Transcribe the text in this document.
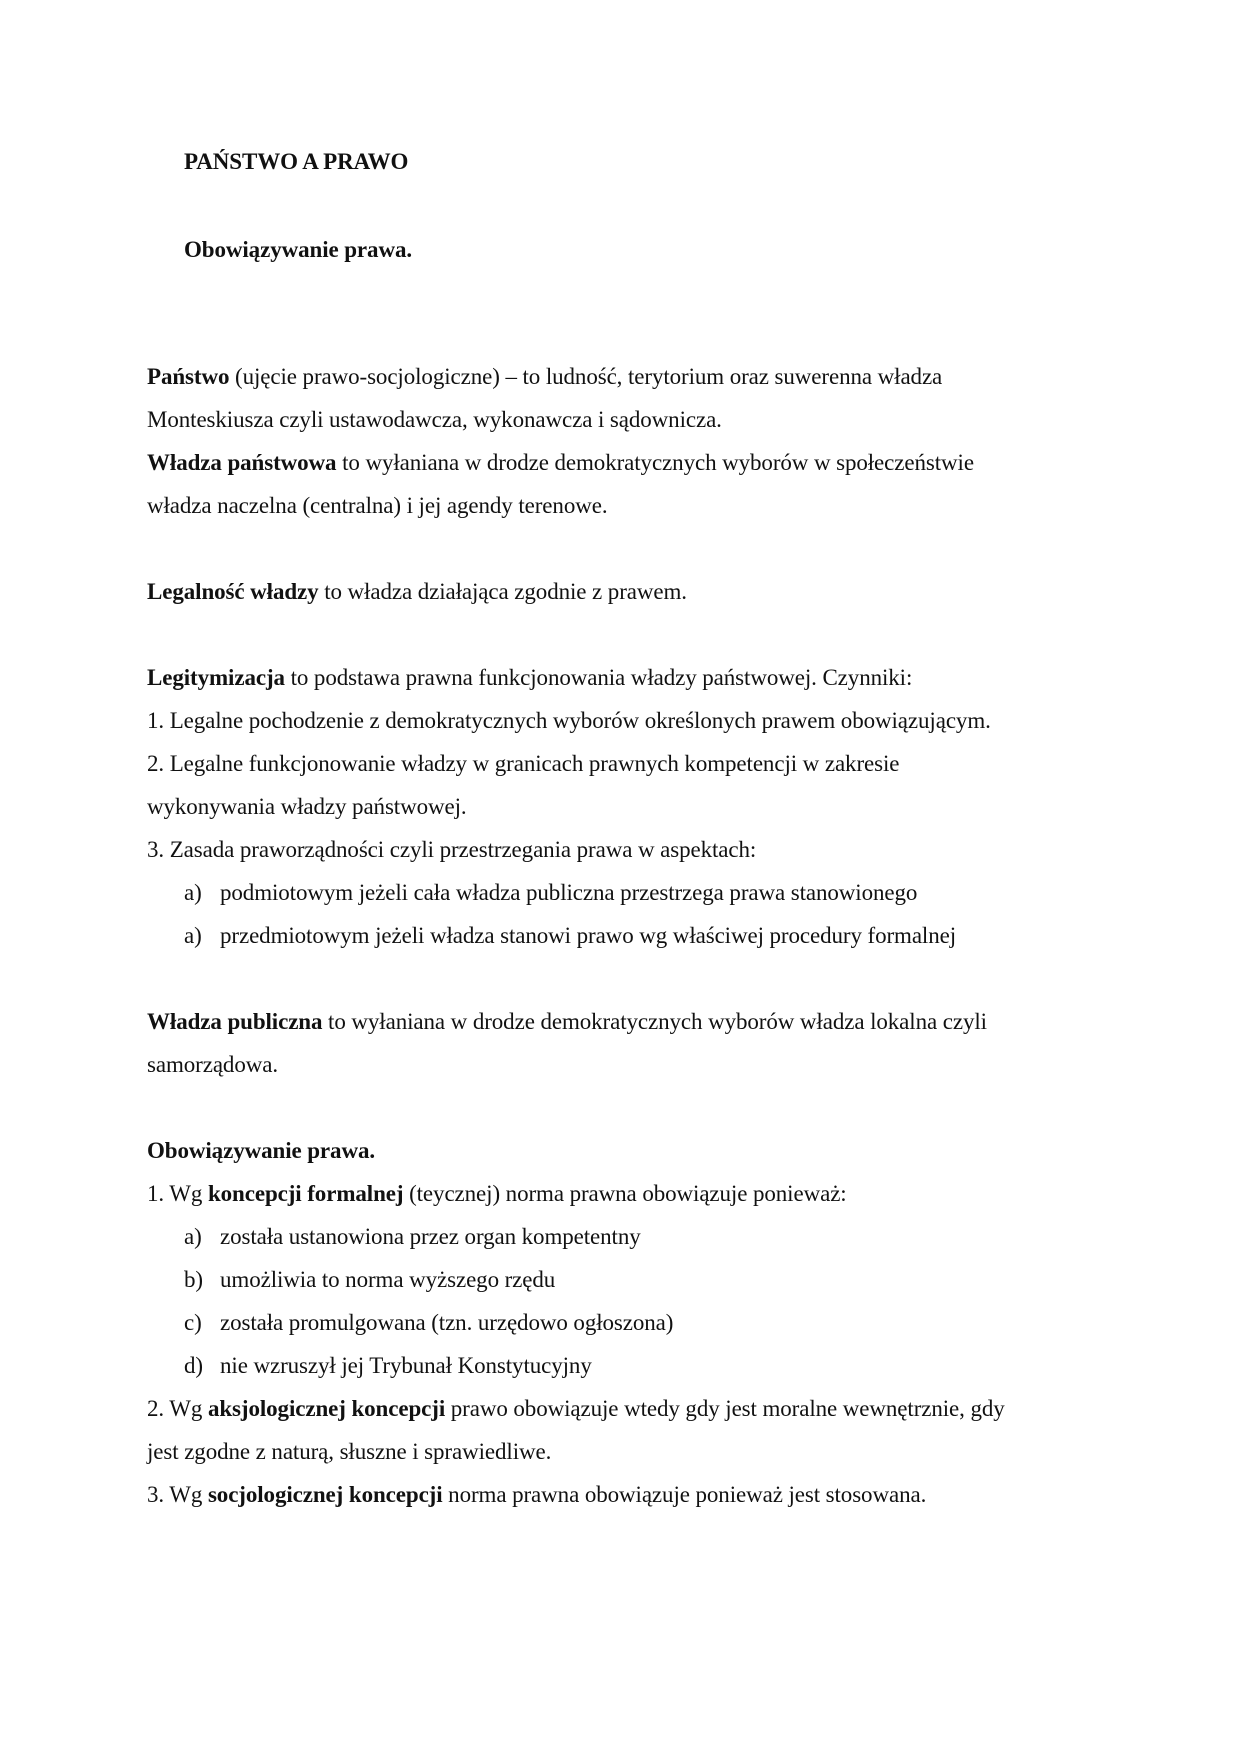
PAŃSTWO A PRAWO
Obowiązywanie prawa.
Państwo (ujęcie prawo-socjologiczne) – to ludność, terytorium oraz suwerenna władza
Monteskiusza czyli ustawodawcza, wykonawcza i sądownicza.
Władza państwowa to wyłaniana w drodze demokratycznych wyborów w społeczeństwie
władza naczelna (centralna) i jej agendy terenowe.
Legalność władzy to władza działająca zgodnie z prawem.
Legitymizacja to podstawa prawna funkcjonowania władzy państwowej. Czynniki:
1. Legalne pochodzenie z demokratycznych wyborów określonych prawem obowiązującym.
2. Legalne funkcjonowanie władzy w granicach prawnych kompetencji w zakresie
wykonywania władzy państwowej.
3. Zasada praworządności czyli przestrzegania prawa w aspektach:
a) podmiotowym jeżeli cała władza publiczna przestrzega prawa stanowionego
a) przedmiotowym jeżeli władza stanowi prawo wg właściwej procedury formalnej
Władza publiczna to wyłaniana w drodze demokratycznych wyborów władza lokalna czyli
samorządowa.
Obowiązywanie prawa.
1. Wg koncepcji formalnej (teycznej) norma prawna obowiązuje ponieważ:
a) została ustanowiona przez organ kompetentny
b) umożliwia to norma wyższego rzędu
c) została promulgowana (tzn. urzędowo ogłoszona)
d) nie wzruszył jej Trybunał Konstytucyjny
2. Wg aksjologicznej koncepcji prawo obowiązuje wtedy gdy jest moralne wewnętrznie, gdy
jest zgodne z naturą, słuszne i sprawiedliwe.
3. Wg socjologicznej koncepcji norma prawna obowiązuje ponieważ jest stosowana.
